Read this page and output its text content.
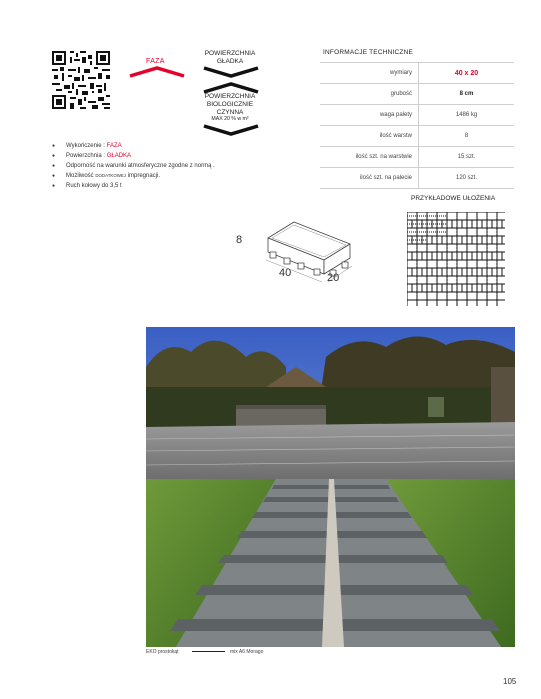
FAZA
POWIERZCHNIA
GŁADKA
POWIERZCHNIA
BIOLOGICZNIE
CZYNNA
MAX 20 % w m²
● Wykończenie : FAZA
● Powierzchnia : GŁADKA
● Odporność na warunki atmosferyczne zgodne z normą .
● Możliwość DODATKOWEJ impregnacji.
● Ruch kołowy do 3,5 t
INFORMACJE TECHNICZNE
wymiary	40 x 20
grubość	8 cm
waga palety	1486 kg
ilość warstw	8
ilość szt. na warstwie	15 szt.
ilość szt. na palecie	120 szt.
8
40	20
PRZYKŁADOWE UŁOŻENIA
EKO prostokąt	mix A6 Morago
105
